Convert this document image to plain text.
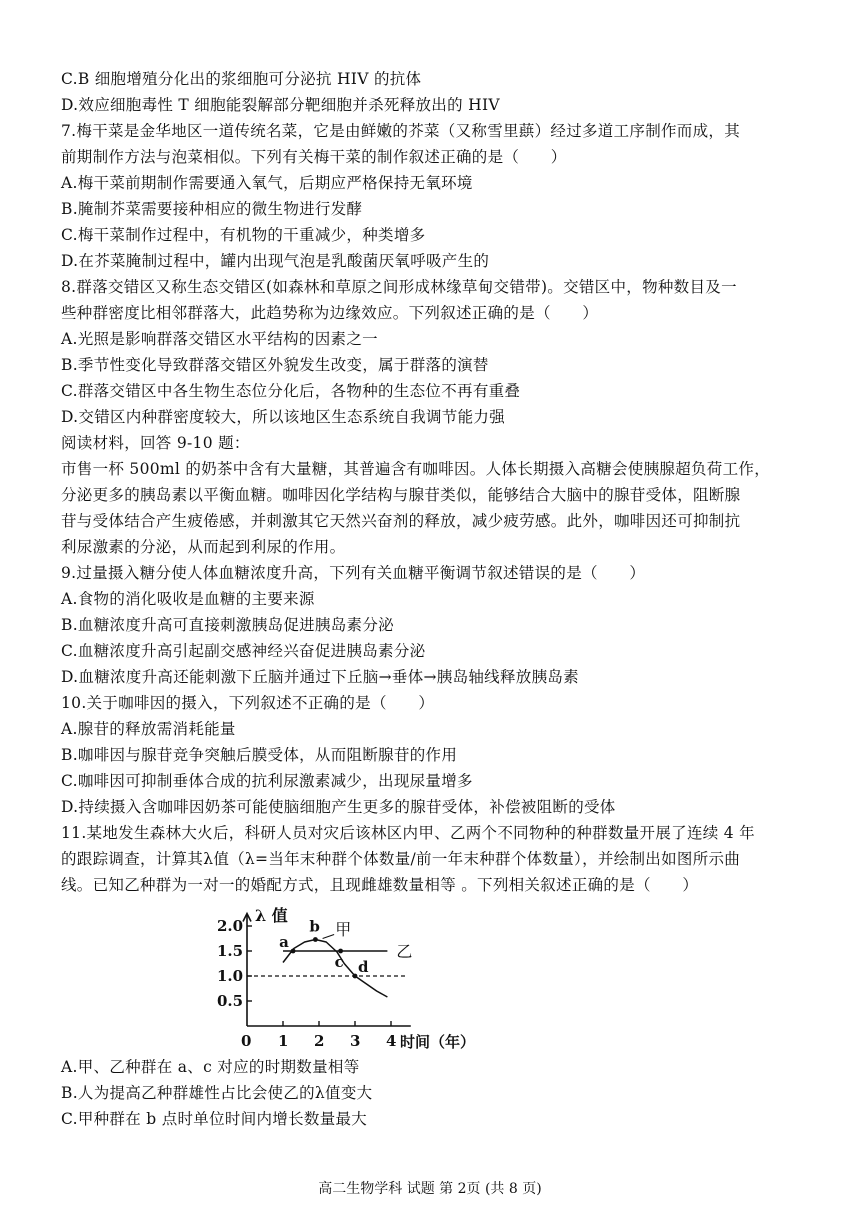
C.B 细胞增殖分化出的浆细胞可分泌抗 HIV 的抗体
D.效应细胞毒性 T 细胞能裂解部分靶细胞并杀死释放出的 HIV
7.梅干菜是金华地区一道传统名菜，它是由鲜嫩的芥菜（又称雪里蕻）经过多道工序制作而成，其
前期制作方法与泡菜相似。下列有关梅干菜的制作叙述正确的是（　　）
A.梅干菜前期制作需要通入氧气，后期应严格保持无氧环境
B.腌制芥菜需要接种相应的微生物进行发酵
C.梅干菜制作过程中，有机物的干重减少，种类增多
D.在芥菜腌制过程中，罐内出现气泡是乳酸菌厌氧呼吸产生的
8.群落交错区又称生态交错区(如森林和草原之间形成林缘草甸交错带)。交错区中，物种数目及一
些种群密度比相邻群落大，此趋势称为边缘效应。下列叙述正确的是（　　）
A.光照是影响群落交错区水平结构的因素之一
B.季节性变化导致群落交错区外貌发生改变，属于群落的演替
C.群落交错区中各生物生态位分化后，各物种的生态位不再有重叠
D.交错区内种群密度较大，所以该地区生态系统自我调节能力强
阅读材料，回答 9-10 题：
市售一杯 500ml 的奶茶中含有大量糖，其普遍含有咖啡因。人体长期摄入高糖会使胰腺超负荷工作，
分泌更多的胰岛素以平衡血糖。咖啡因化学结构与腺苷类似，能够结合大脑中的腺苷受体，阻断腺
苷与受体结合产生疲倦感，并刺激其它天然兴奋剂的释放，减少疲劳感。此外，咖啡因还可抑制抗
利尿激素的分泌，从而起到利尿的作用。
9.过量摄入糖分使人体血糖浓度升高，下列有关血糖平衡调节叙述错误的是（　　）
A.食物的消化吸收是血糖的主要来源
B.血糖浓度升高可直接刺激胰岛促进胰岛素分泌
C.血糖浓度升高引起副交感神经兴奋促进胰岛素分泌
D.血糖浓度升高还能刺激下丘脑并通过下丘脑→垂体→胰岛轴线释放胰岛素
10.关于咖啡因的摄入，下列叙述不正确的是（　　）
A.腺苷的释放需消耗能量
B.咖啡因与腺苷竞争突触后膜受体，从而阻断腺苷的作用
C.咖啡因可抑制垂体合成的抗利尿激素减少，出现尿量增多
D.持续摄入含咖啡因奶茶可能使脑细胞产生更多的腺苷受体，补偿被阻断的受体
11.某地发生森林大火后，科研人员对灾后该林区内甲、乙两个不同物种的种群数量开展了连续 4 年
的跟踪调查，计算其λ值（λ=当年末种群个体数量/前一年末种群个体数量），并绘制出如图所示曲
线。已知乙种群为一对一的婚配方式，且现雌雄数量相等 。下列相关叙述正确的是（　　）
0.5
1.0
1.5
2.0
0 1 2 3 4
λ 值
时间（年）
甲
乙
a
b
c d
A.甲、乙种群在 a、c 对应的时期数量相等
B.人为提高乙种群雄性占比会使乙的λ值变大
C.甲种群在 b 点时单位时间内增长数量最大
高二生物学科 试题 第 2页 (共 8 页)
